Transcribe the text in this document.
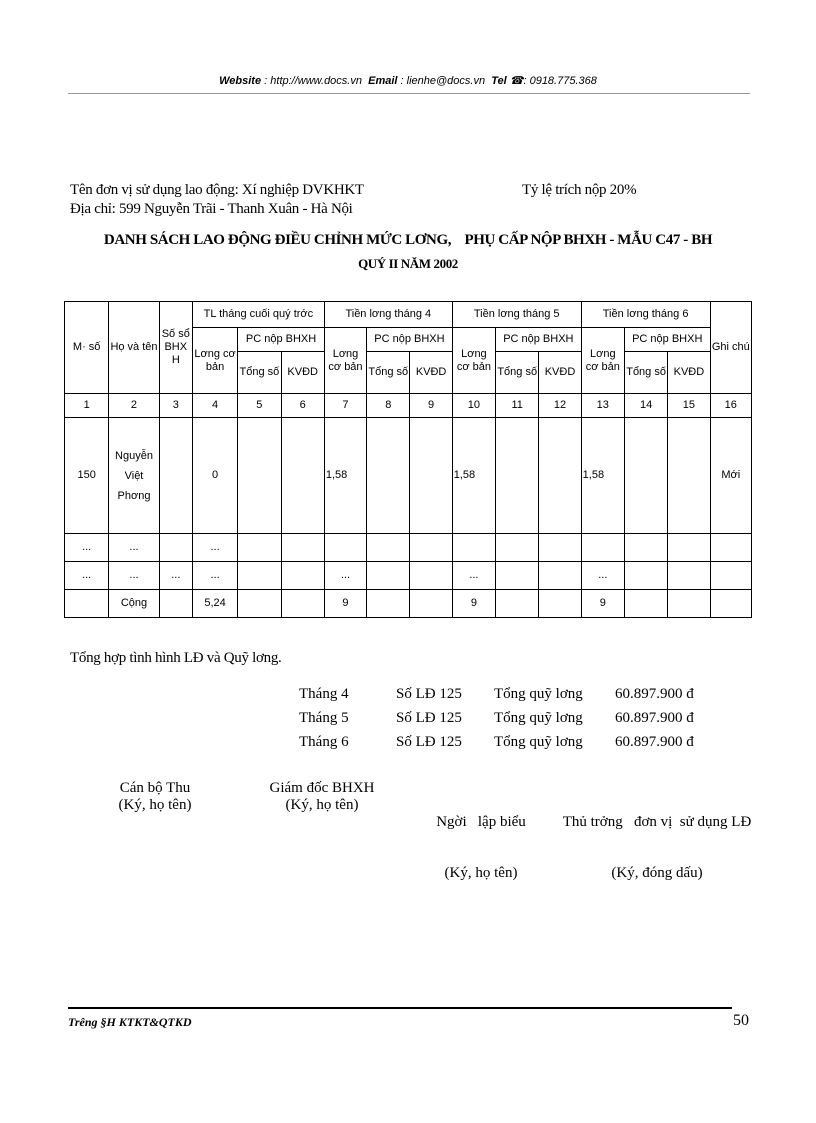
Website : http://www.docs.vn Email : lienhe@docs.vn Tel ☎: 0918.775.368
Tên đơn vị sử dụng lao động: Xí nghiệp DVKHKT	Tỷ lệ trích nộp 20%
Địa chỉ: 599 Nguyễn Trãi - Thanh Xuân - Hà Nội
DANH SÁCH LAO ĐỘNG ĐIỀU CHỈNH MỨC LƠNG,    PHỤ CẤP NỘP BHXH - MẪU C47 - BH
QUÝ II NĂM 2002
M· số	Họ và tên	Số sổ BHX H	TL tháng cuối quý trớc			Tiền lơng tháng 4			Tiền lơng tháng 5			Tiền lơng tháng 6			Ghi chú
			Lơng cơ bản	PC nộp BHXH		Lơng cơ bản	PC nộp BHXH		Lơng cơ bản	PC nộp BHXH		Lơng cơ bản	PC nộp BHXH		
				Tổng số	KVĐD		Tổng số	KVĐD		Tổng số	KVĐD		Tổng số	KVĐD	
1	2	3	4	5	6	7	8	9	10	11	12	13	14	15	16
150	Nguyễn Việt Phơng		0			1,58			1,58			1,58			Mới
...	...		...												
...	...	...	...			...			...			...			
	Cộng		5,24			9			9			9			
Tổng hợp tình hình LĐ và Quỹ lơng.
Tháng 4	Số LĐ 125 Tổng quỹ lơng 60.897.900 đ
Tháng 5	Số LĐ 125 Tổng quỹ lơng 60.897.900 đ
Tháng 6	Số LĐ 125 Tổng quỹ lơng 60.897.900 đ
Cán bộ Thu
(Ký, họ tên)
Giám đốc BHXH
(Ký, họ tên)

Ngời   lập biểu

(Ký, họ tên)

Thủ trởng   đơn vị  sử dụng LĐ

(Ký, đóng dấu)

Trêng §H KTKT&QTKD	50
